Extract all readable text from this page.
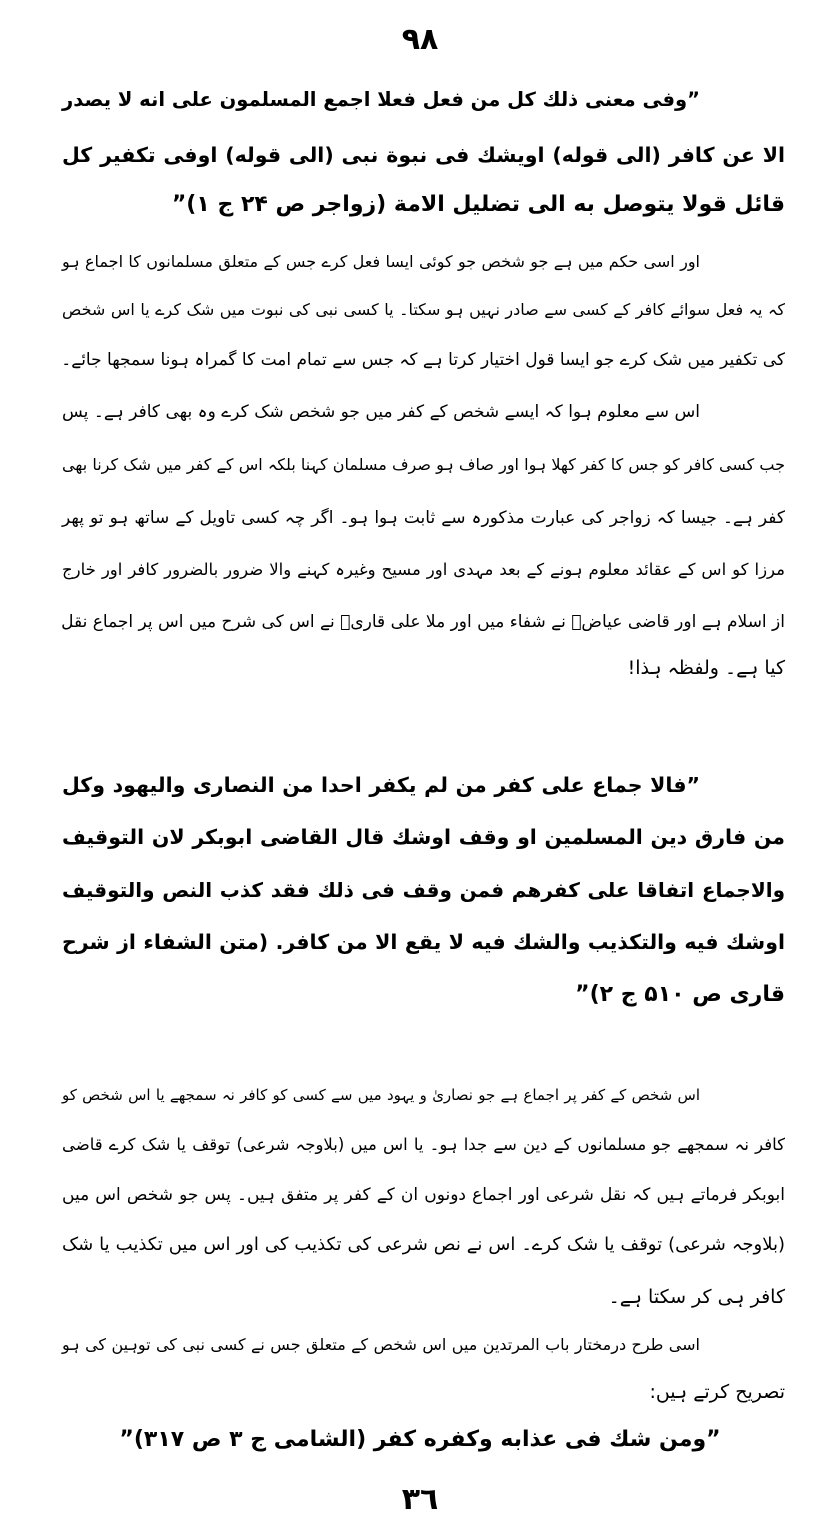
٩٨
”وفی معنی ذلك كل من فعل فعلا اجمع المسلمون علی انه لا یصدر
الا عن كافر (الی قوله) اویشك فی نبوة نبی (الی قوله) اوفی تكفیر كل
قائل قولا یتوصل به الی تضلیل الامة (زواجر ص ۲۴ ج ۱)”
اور اسی حکم میں ہے جو شخص جو کوئی ایسا فعل کرے جس کے متعلق مسلمانوں کا اجماع ہو
کہ یہ فعل سوائے کافر کے کسی سے صادر نہیں ہو سکتا۔ یا کسی نبی کی نبوت میں شک کرے یا اس شخص
کی تکفیر میں شک کرے جو ایسا قول اختیار کرتا ہے کہ جس سے تمام امت کا گمراہ ہونا سمجھا جائے۔
اس سے معلوم ہوا کہ ایسے شخص کے کفر میں جو شخص شک کرے وہ بھی کافر ہے۔ پس
جب کسی کافر کو جس کا کفر کھلا ہوا اور صاف ہو صرف مسلمان کہنا بلکہ اس کے کفر میں شک کرنا بھی
کفر ہے۔ جیسا کہ زواجر کی عبارت مذکورہ سے ثابت ہوا ہو۔ اگر چہ کسی تاویل کے ساتھ ہو تو پھر
مرزا کو اس کے عقائد معلوم ہونے کے بعد مہدی اور مسیح وغیرہ کہنے والا ضرور بالضرور کافر اور خارج
از اسلام ہے اور قاضی عیاضؒ نے شفاء میں اور ملا علی قاریؒ نے اس کی شرح میں اس پر اجماع نقل
کیا ہے۔ ولفظہ ہذا!
”فالا جماع علی كفر من لم یكفر احدا من النصاری والیهود وكل
من فارق دین المسلمین او وقف اوشك قال القاضی ابوبكر لان التوقیف
والاجماع اتفاقا علی كفرهم فمن وقف فی ذلك فقد كذب النص والتوقیف
اوشك فیه والتكذیب والشك فیه لا یقع الا من كافر. (متن الشفاء از شرح
قاری ص ۵۱۰ ج ۲)”
اس شخص کے کفر پر اجماع ہے جو نصاریٰ و یہود میں سے کسی کو کافر نہ سمجھے یا اس شخص کو
کافر نہ سمجھے جو مسلمانوں کے دین سے جدا ہو۔ یا اس میں (بلاوجہ شرعی) توقف یا شک کرے قاضی
ابوبکر فرماتے ہیں کہ نقل شرعی اور اجماع دونوں ان کے کفر پر متفق ہیں۔ پس جو شخص اس میں
(بلاوجہ شرعی) توقف یا شک کرے۔ اس نے نص شرعی کی تکذیب کی اور اس میں تکذیب یا شک
کافر ہی کر سکتا ہے۔
اسی طرح درمختار باب المرتدین میں اس شخص کے متعلق جس نے کسی نبی کی توہین کی ہو
تصریح کرتے ہیں:
”ومن شك فی عذابه وكفره كفر (الشامی ج ۳ ص ۳۱۷)”
٣٦
